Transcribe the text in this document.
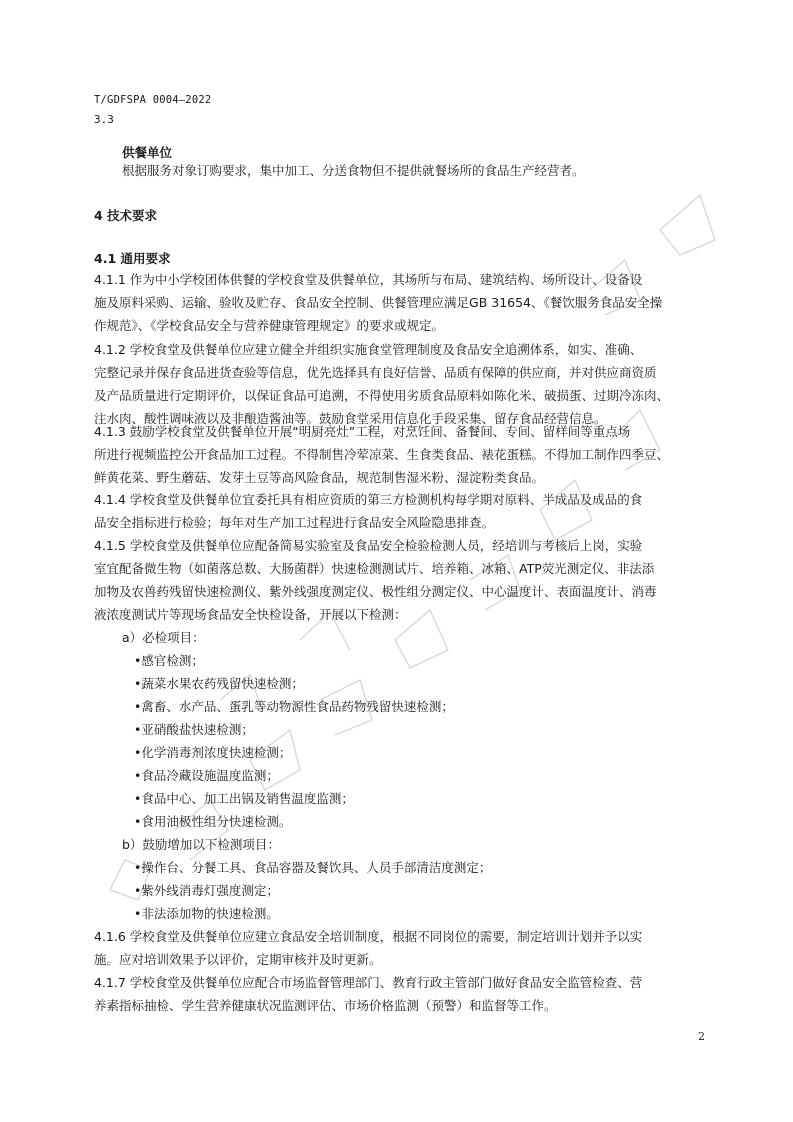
T/GDFSPA 0004—2022
3.3
供餐单位
根据服务对象订购要求，集中加工、分送食物但不提供就餐场所的食品生产经营者。
4 技术要求
4.1 通用要求
4.1.1 作为中小学校团体供餐的学校食堂及供餐单位，其场所与布局、建筑结构、场所设计、设备设
施及原料采购、运输、验收及贮存、食品安全控制、供餐管理应满足GB 31654、《餐饮服务食品安全操
作规范》、《学校食品安全与营养健康管理规定》的要求或规定。
4.1.2 学校食堂及供餐单位应建立健全并组织实施食堂管理制度及食品安全追溯体系，如实、准确、
完整记录并保存食品进货查验等信息，优先选择具有良好信誉、品质有保障的供应商，并对供应商资质
及产品质量进行定期评价，以保证食品可追溯，不得使用劣质食品原料如陈化米、破损蛋、过期冷冻肉、
注水肉、酸性调味液以及非酿造酱油等。鼓励食堂采用信息化手段采集、留存食品经营信息。
4.1.3 鼓励学校食堂及供餐单位开展“明厨亮灶”工程，对烹饪间、备餐间、专间、留样间等重点场
所进行视频监控公开食品加工过程。不得制售冷荤凉菜、生食类食品、裱花蛋糕。不得加工制作四季豆、
鲜黄花菜、野生蘑菇、发芽土豆等高风险食品，规范制售湿米粉、湿淀粉类食品。
4.1.4 学校食堂及供餐单位宜委托具有相应资质的第三方检测机构每学期对原料、半成品及成品的食
品安全指标进行检验；每年对生产加工过程进行食品安全风险隐患排查。
4.1.5 学校食堂及供餐单位应配备简易实验室及食品安全检验检测人员，经培训与考核后上岗，实验
室宜配备微生物（如菌落总数、大肠菌群）快速检测测试片、培养箱、冰箱、ATP荧光测定仪、非法添
加物及农兽药残留快速检测仪、紫外线强度测定仪、极性组分测定仪、中心温度计、表面温度计、消毒
液浓度测试片等现场食品安全快检设备，开展以下检测：
a）必检项目：
•感官检测；
•蔬菜水果农药残留快速检测；
•禽畜、水产品、蛋乳等动物源性食品药物残留快速检测；
•亚硝酸盐快速检测；
•化学消毒剂浓度快速检测；
•食品冷藏设施温度监测；
•食品中心、加工出锅及销售温度监测；
•食用油极性组分快速检测。
b）鼓励增加以下检测项目：
•操作台、分餐工具、食品容器及餐饮具、人员手部清洁度测定；
•紫外线消毒灯强度测定；
•非法添加物的快速检测。
4.1.6 学校食堂及供餐单位应建立食品安全培训制度，根据不同岗位的需要，制定培训计划并予以实
施。应对培训效果予以评价，定期审核并及时更新。
4.1.7 学校食堂及供餐单位应配合市场监督管理部门、教育行政主管部门做好食品安全监管检查、营
养素指标抽检、学生营养健康状况监测评估、市场价格监测（预警）和监督等工作。
2
